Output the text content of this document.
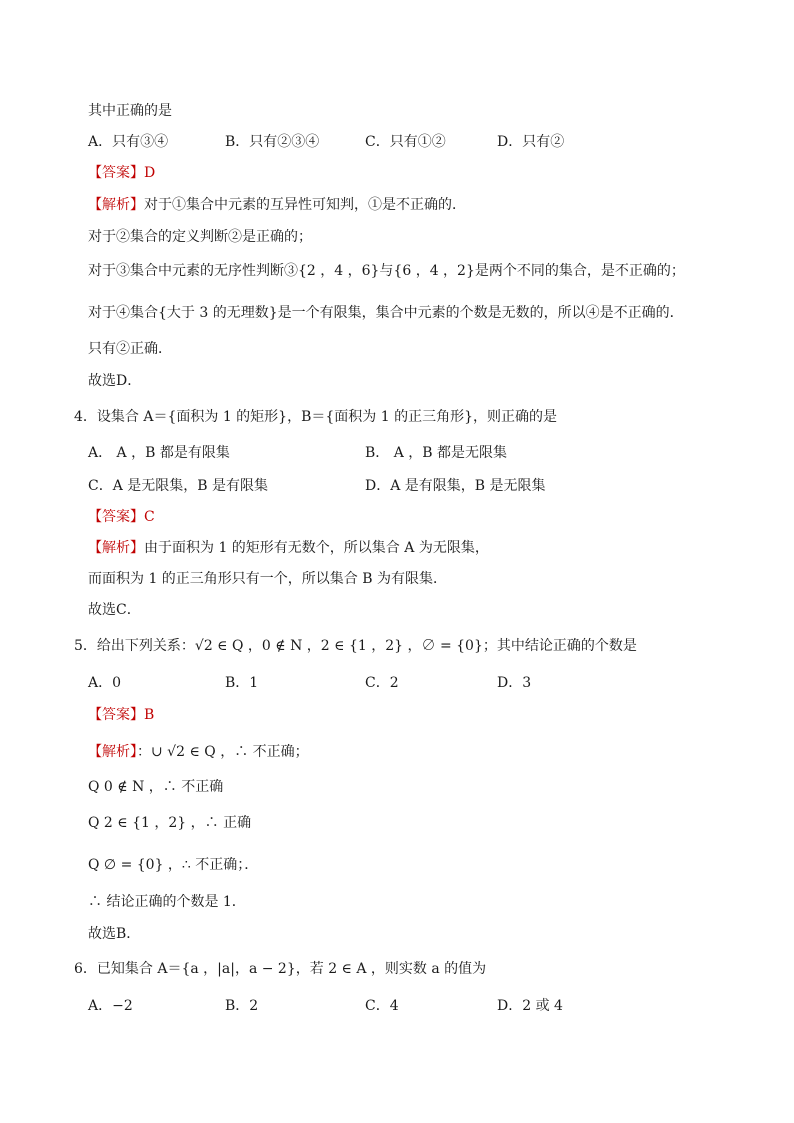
其中正确的是
A．只有③④	B．只有②③④	C．只有①②	D．只有②
【答案】D
【解析】对于①集合中元素的互异性可知判，①是不正确的．
对于②集合的定义判断②是正确的；
对于③集合中元素的无序性判断③{2 ，4 ，6}与{6 ，4 ，2}是两个不同的集合，是不正确的；
对于④集合{大于 3 的无理数}是一个有限集，集合中元素的个数是无数的，所以④是不正确的．
只有②正确．
故选D．
4．设集合 A＝{面积为 1 的矩形}，B＝{面积为 1 的正三角形}，则正确的是
A． A ，B 都是有限集	B． A ，B 都是无限集
C．A 是无限集，B 是有限集	D．A 是有限集，B 是无限集
【答案】C
【解析】由于面积为 1 的矩形有无数个，所以集合 A 为无限集，
而面积为 1 的正三角形只有一个，所以集合 B 为有限集．
故选C．
5．给出下列关系：√2 ∈ Q ，0 ∉ N ，2 ∈ {1 ，2} ，∅ = {0}；其中结论正确的个数是
A．0	B．1	C．2	D．3
【答案】B
【解析】：∪ √2 ∈ Q ，∴ 不正确；
Q 0 ∉ N ，∴ 不正确
Q 2 ∈ {1 ，2} ，∴ 正确
Q ∅ = {0} ，∴ 不正确；．
∴ 结论正确的个数是 1．
故选B．
6．已知集合 A＝{a ，|a|，a − 2}，若 2 ∈ A ，则实数 a 的值为
A．−2	B．2	C．4	D．2 或 4
